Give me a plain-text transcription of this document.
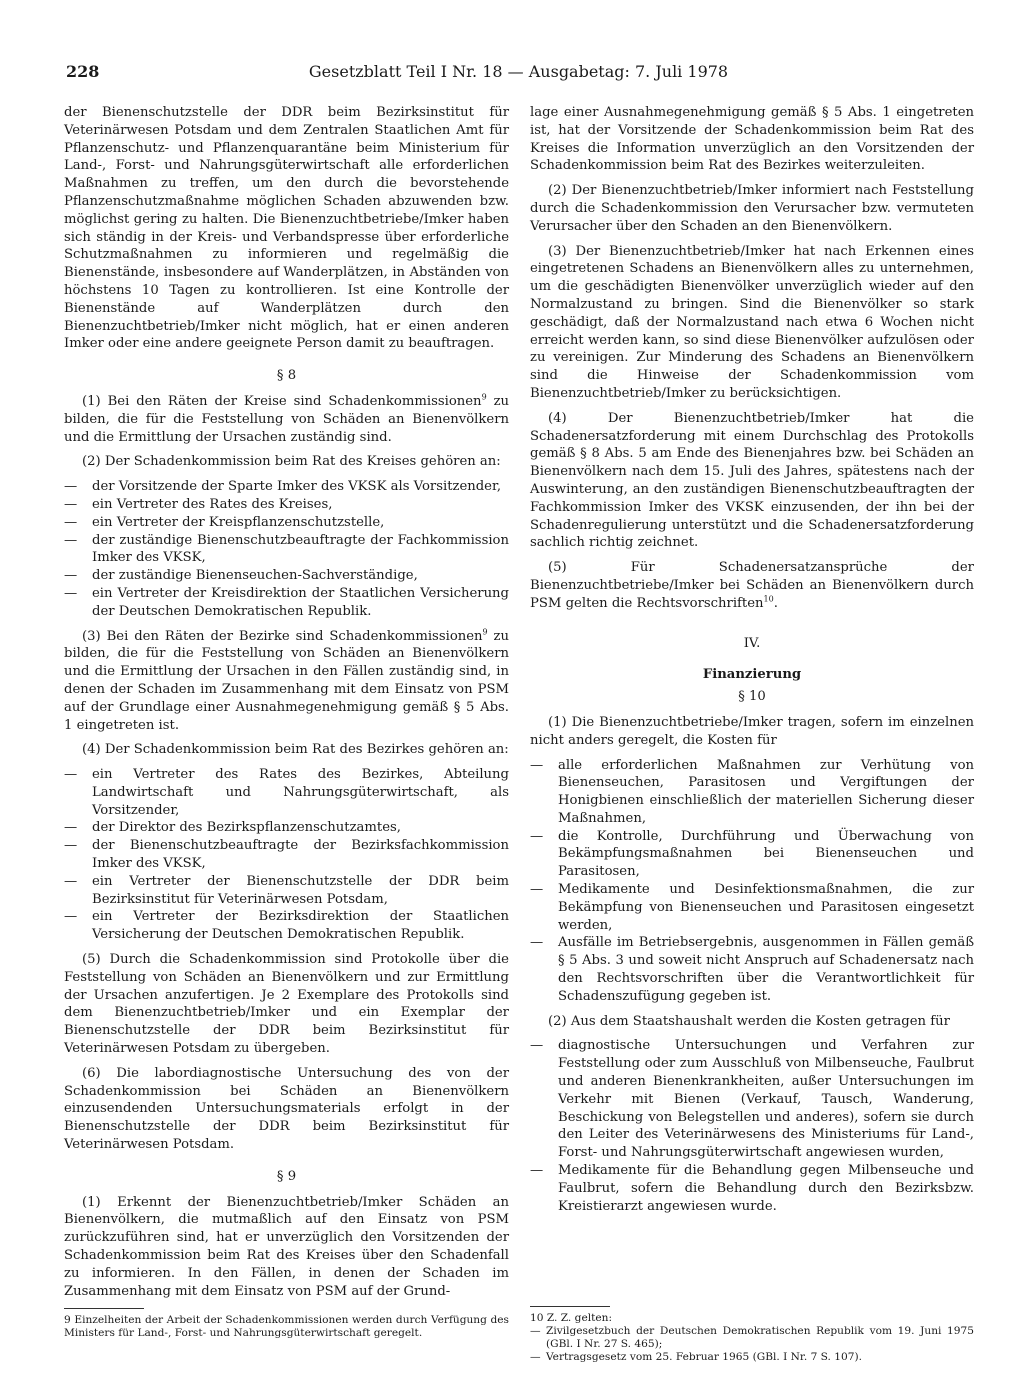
228	Gesetzblatt Teil I Nr. 18 — Ausgabetag: 7. Juli 1978

der Bienenschutzstelle der DDR beim Bezirksinstitut für Veterinärwesen Potsdam und dem Zentralen Staatlichen Amt für Pflanzenschutz- und Pflanzenquarantäne beim Ministerium für Land-, Forst- und Nahrungsgüterwirtschaft alle erforderlichen Maßnahmen zu treffen, um den durch die bevorstehende Pflanzenschutzmaßnahme möglichen Schaden abzuwenden bzw. möglichst gering zu halten. Die Bienenzuchtbetriebe/Imker haben sich ständig in der Kreis- und Verbandspresse über erforderliche Schutzmaßnahmen zu informieren und regelmäßig die Bienenstände, insbesondere auf Wanderplätzen, in Abständen von höchstens 10 Tagen zu kontrollieren. Ist eine Kontrolle der Bienenstände auf Wanderplätzen durch den Bienenzuchtbetrieb/Imker nicht möglich, hat er einen anderen Imker oder eine andere geeignete Person damit zu beauftragen.

§ 8

(1) Bei den Räten der Kreise sind Schadenkommissionen$^9$ zu bilden, die für die Feststellung von Schäden an Bienenvölkern und die Ermittlung der Ursachen zuständig sind.

(2) Der Schadenkommission beim Rat des Kreises gehören an:

— der Vorsitzende der Sparte Imker des VKSK als Vorsitzender,
— ein Vertreter des Rates des Kreises,
— ein Vertreter der Kreispflanzenschutzstelle,
— der zuständige Bienenschutzbeauftragte der Fachkommission Imker des VKSK,
— der zuständige Bienenseuchen-Sachverständige,
— ein Vertreter der Kreisdirektion der Staatlichen Versicherung der Deutschen Demokratischen Republik.

(3) Bei den Räten der Bezirke sind Schadenkommissionen$^9$ zu bilden, die für die Feststellung von Schäden an Bienenvölkern und die Ermittlung der Ursachen in den Fällen zuständig sind, in denen der Schaden im Zusammenhang mit dem Einsatz von PSM auf der Grundlage einer Ausnahmegenehmigung gemäß § 5 Abs. 1 eingetreten ist.

(4) Der Schadenkommission beim Rat des Bezirkes gehören an:

— ein Vertreter des Rates des Bezirkes, Abteilung Landwirtschaft und Nahrungsgüterwirtschaft, als Vorsitzender,
— der Direktor des Bezirkspflanzenschutzamtes,
— der Bienenschutzbeauftragte der Bezirksfachkommission Imker des VKSK,
— ein Vertreter der Bienenschutzstelle der DDR beim Bezirksinstitut für Veterinärwesen Potsdam,
— ein Vertreter der Bezirksdirektion der Staatlichen Versicherung der Deutschen Demokratischen Republik.

(5) Durch die Schadenkommission sind Protokolle über die Feststellung von Schäden an Bienenvölkern und zur Ermittlung der Ursachen anzufertigen. Je 2 Exemplare des Protokolls sind dem Bienenzuchtbetrieb/Imker und ein Exemplar der Bienenschutzstelle der DDR beim Bezirksinstitut für Veterinärwesen Potsdam zu übergeben.

(6) Die labordiagnostische Untersuchung des von der Schadenkommission bei Schäden an Bienenvölkern einzusendenden Untersuchungsmaterials erfolgt in der Bienenschutzstelle der DDR beim Bezirksinstitut für Veterinärwesen Potsdam.

§ 9

(1) Erkennt der Bienenzuchtbetrieb/Imker Schäden an Bienenvölkern, die mutmaßlich auf den Einsatz von PSM zurückzuführen sind, hat er unverzüglich den Vorsitzenden der Schadenkommission beim Rat des Kreises über den Schadenfall zu informieren. In den Fällen, in denen der Schaden im Zusammenhang mit dem Einsatz von PSM auf der Grund-

9 Einzelheiten der Arbeit der Schadenkommissionen werden durch Verfügung des Ministers für Land-, Forst- und Nahrungsgüterwirtschaft geregelt.

lage einer Ausnahmegenehmigung gemäß § 5 Abs. 1 eingetreten ist, hat der Vorsitzende der Schadenkommission beim Rat des Kreises die Information unverzüglich an den Vorsitzenden der Schadenkommission beim Rat des Bezirkes weiterzuleiten.

(2) Der Bienenzuchtbetrieb/Imker informiert nach Feststellung durch die Schadenkommission den Verursacher bzw. vermuteten Verursacher über den Schaden an den Bienenvölkern.

(3) Der Bienenzuchtbetrieb/Imker hat nach Erkennen eines eingetretenen Schadens an Bienenvölkern alles zu unternehmen, um die geschädigten Bienenvölker unverzüglich wieder auf den Normalzustand zu bringen. Sind die Bienenvölker so stark geschädigt, daß der Normalzustand nach etwa 6 Wochen nicht erreicht werden kann, so sind diese Bienenvölker aufzulösen oder zu vereinigen. Zur Minderung des Schadens an Bienenvölkern sind die Hinweise der Schadenkommission vom Bienenzuchtbetrieb/Imker zu berücksichtigen.

(4) Der Bienenzuchtbetrieb/Imker hat die Schadenersatzforderung mit einem Durchschlag des Protokolls gemäß § 8 Abs. 5 am Ende des Bienenjahres bzw. bei Schäden an Bienenvölkern nach dem 15. Juli des Jahres, spätestens nach der Auswinterung, an den zuständigen Bienenschutzbeauftragten der Fachkommission Imker des VKSK einzusenden, der ihn bei der Schadenregulierung unterstützt und die Schadenersatzforderung sachlich richtig zeichnet.

(5) Für Schadenersatzansprüche der Bienenzuchtbetriebe/Imker bei Schäden an Bienenvölkern durch PSM gelten die Rechtsvorschriften$^{10}$.

IV.
Finanzierung
§ 10

(1) Die Bienenzuchtbetriebe/Imker tragen, sofern im einzelnen nicht anders geregelt, die Kosten für

— alle erforderlichen Maßnahmen zur Verhütung von Bienenseuchen, Parasitosen und Vergiftungen der Honigbienen einschließlich der materiellen Sicherung dieser Maßnahmen,
— die Kontrolle, Durchführung und Überwachung von Bekämpfungsmaßnahmen bei Bienenseuchen und Parasitosen,
— Medikamente und Desinfektionsmaßnahmen, die zur Bekämpfung von Bienenseuchen und Parasitosen eingesetzt werden,
— Ausfälle im Betriebsergebnis, ausgenommen in Fällen gemäß § 5 Abs. 3 und soweit nicht Anspruch auf Schadenersatz nach den Rechtsvorschriften über die Verantwortlichkeit für Schadenszufügung gegeben ist.

(2) Aus dem Staatshaushalt werden die Kosten getragen für

— diagnostische Untersuchungen und Verfahren zur Feststellung oder zum Ausschluß von Milbenseuche, Faulbrut und anderen Bienenkrankheiten, außer Untersuchungen im Verkehr mit Bienen (Verkauf, Tausch, Wanderung, Beschickung von Belegstellen und anderes), sofern sie durch den Leiter des Veterinärwesens des Ministeriums für Land-, Forst- und Nahrungsgüterwirtschaft angewiesen wurden,
— Medikamente für die Behandlung gegen Milbenseuche und Faulbrut, sofern die Behandlung durch den Bezirksbzw. Kreistierarzt angewiesen wurde.

10 Z. Z. gelten:

— Zivilgesetzbuch der Deutschen Demokratischen Republik vom 19. Juni 1975 (GBl. I Nr. 27 S. 465);
— Vertragsgesetz vom 25. Februar 1965 (GBl. I Nr. 7 S. 107).
